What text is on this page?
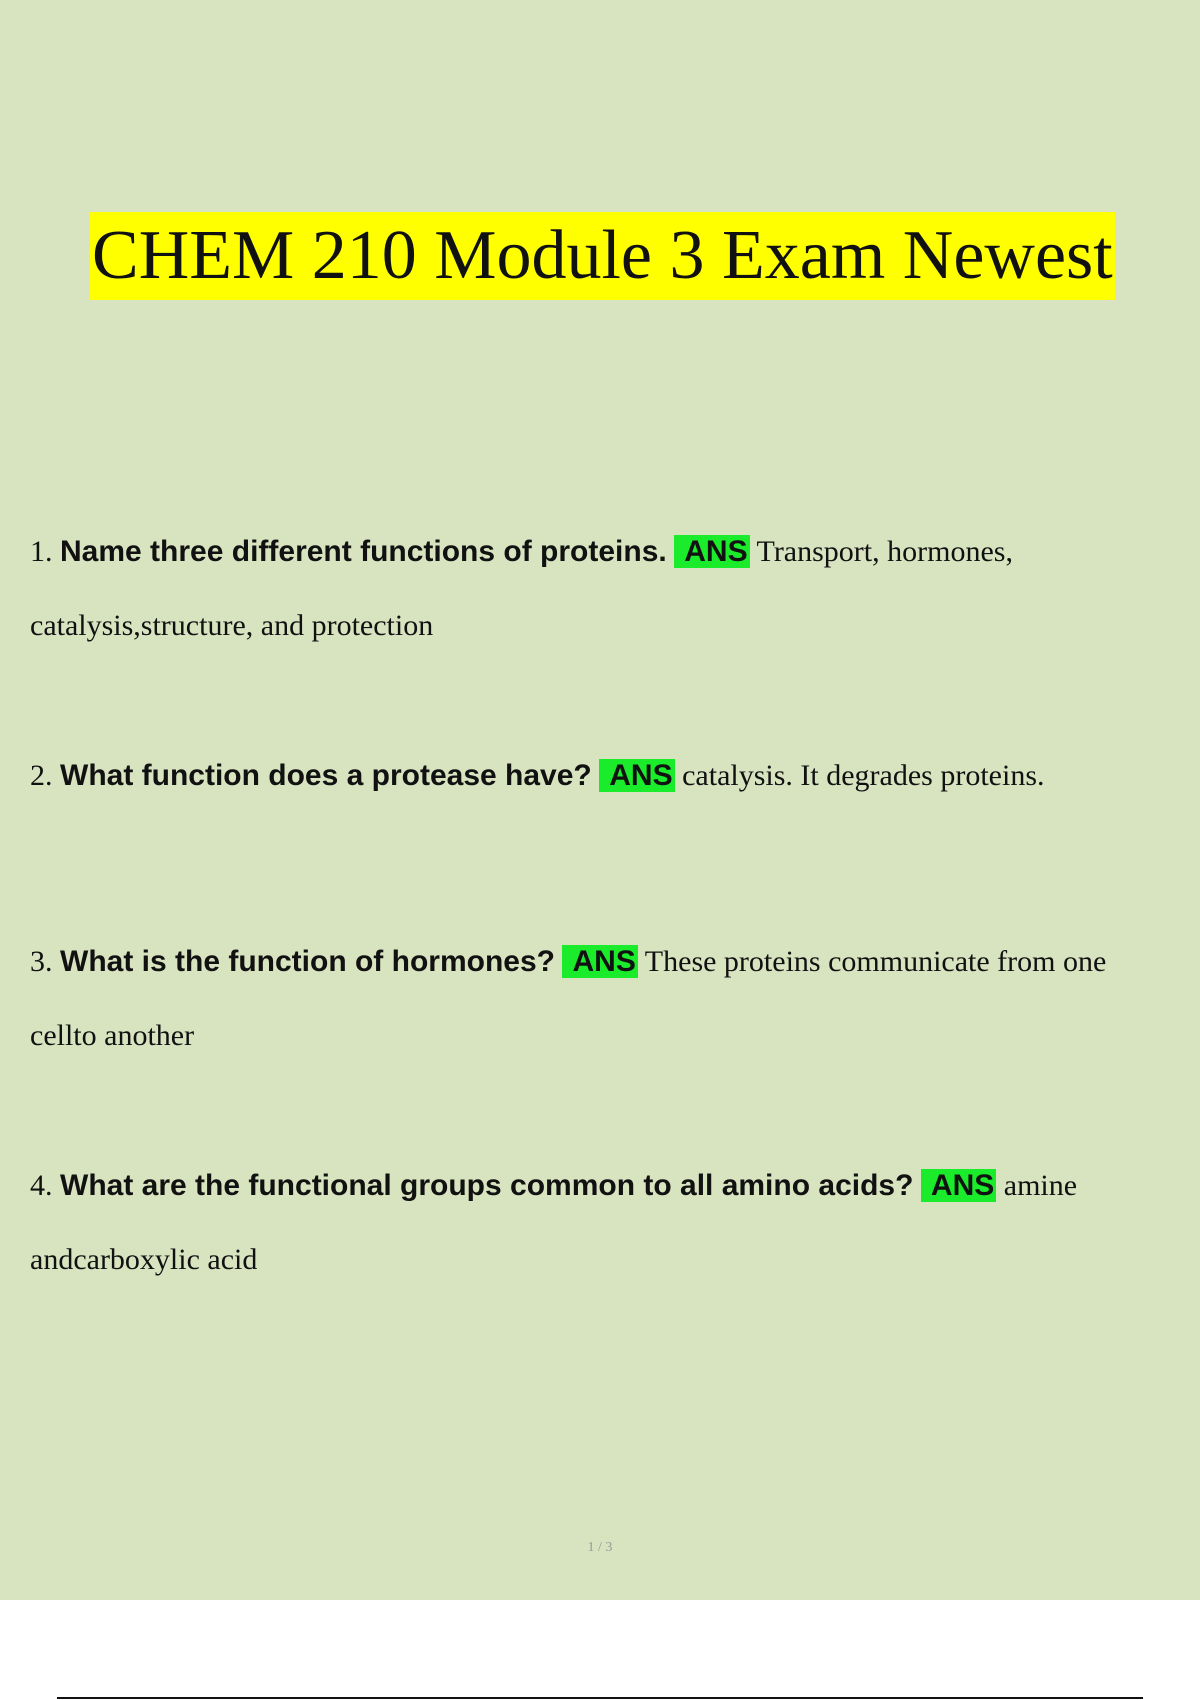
CHEM 210 Module 3 Exam Newest
1. Name three different functions of proteins. ANS Transport, hormones, catalysis,structure, and protection
2. What function does a protease have? ANS catalysis. It degrades proteins.
3. What is the function of hormones? ANS These proteins communicate from one cellto another
4. What are the functional groups common to all amino acids? ANS amine andcarboxylic acid
1 / 3
